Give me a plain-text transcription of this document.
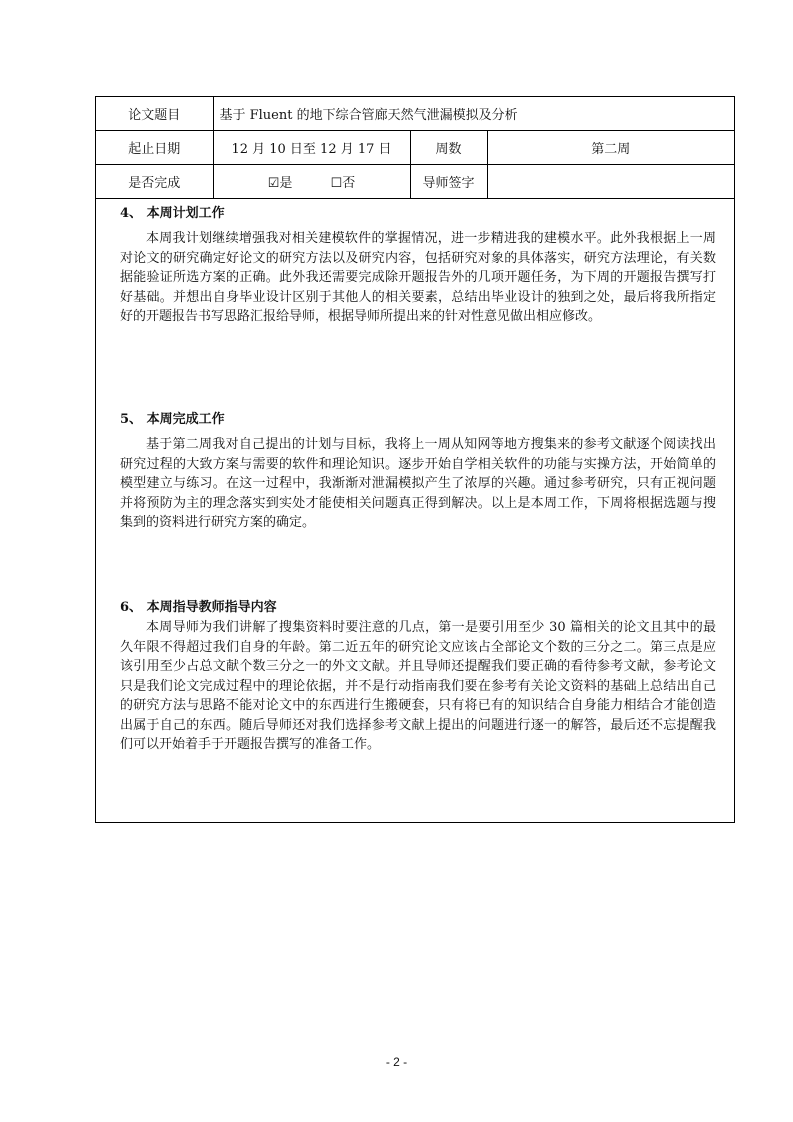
论文题目	基于 Fluent 的地下综合管廊天然气泄漏模拟及分析		
起止日期	12 月 10 日至 12 月 17 日	周数	第二周
是否完成	☑是 ☐否	导师签字	
4、 本周计划工作

本周我计划继续增强我对相关建模软件的掌握情况，进一步精进我的建模水平。此外我根据上一周对论文的研究确定好论文的研究方法以及研究内容，包括研究对象的具体落实，研究方法理论，有关数据能验证所选方案的正确。此外我还需要完成除开题报告外的几项开题任务，为下周的开题报告撰写打好基础。并想出自身毕业设计区别于其他人的相关要素，总结出毕业设计的独到之处，最后将我所指定好的开题报告书写思路汇报给导师，根据导师所提出来的针对性意见做出相应修改。

5、 本周完成工作

基于第二周我对自己提出的计划与目标，我将上一周从知网等地方搜集来的参考文献逐个阅读找出研究过程的大致方案与需要的软件和理论知识。逐步开始自学相关软件的功能与实操方法，开始简单的模型建立与练习。在这一过程中，我渐渐对泄漏模拟产生了浓厚的兴趣。通过参考研究，只有正视问题并将预防为主的理念落实到实处才能使相关问题真正得到解决。以上是本周工作，下周将根据选题与搜集到的资料进行研究方案的确定。

6、 本周指导教师指导内容

本周导师为我们讲解了搜集资料时要注意的几点，第一是要引用至少 30 篇相关的论文且其中的最久年限不得超过我们自身的年龄。第二近五年的研究论文应该占全部论文个数的三分之二。第三点是应该引用至少占总文献个数三分之一的外文文献。并且导师还提醒我们要正确的看待参考文献，参考论文只是我们论文完成过程中的理论依据，并不是行动指南我们要在参考有关论文资料的基础上总结出自己的研究方法与思路不能对论文中的东西进行生搬硬套，只有将已有的知识结合自身能力相结合才能创造出属于自己的东西。随后导师还对我们选择参考文献上提出的问题进行逐一的解答，最后还不忘提醒我们可以开始着手于开题报告撰写的准备工作。

- 2 -
